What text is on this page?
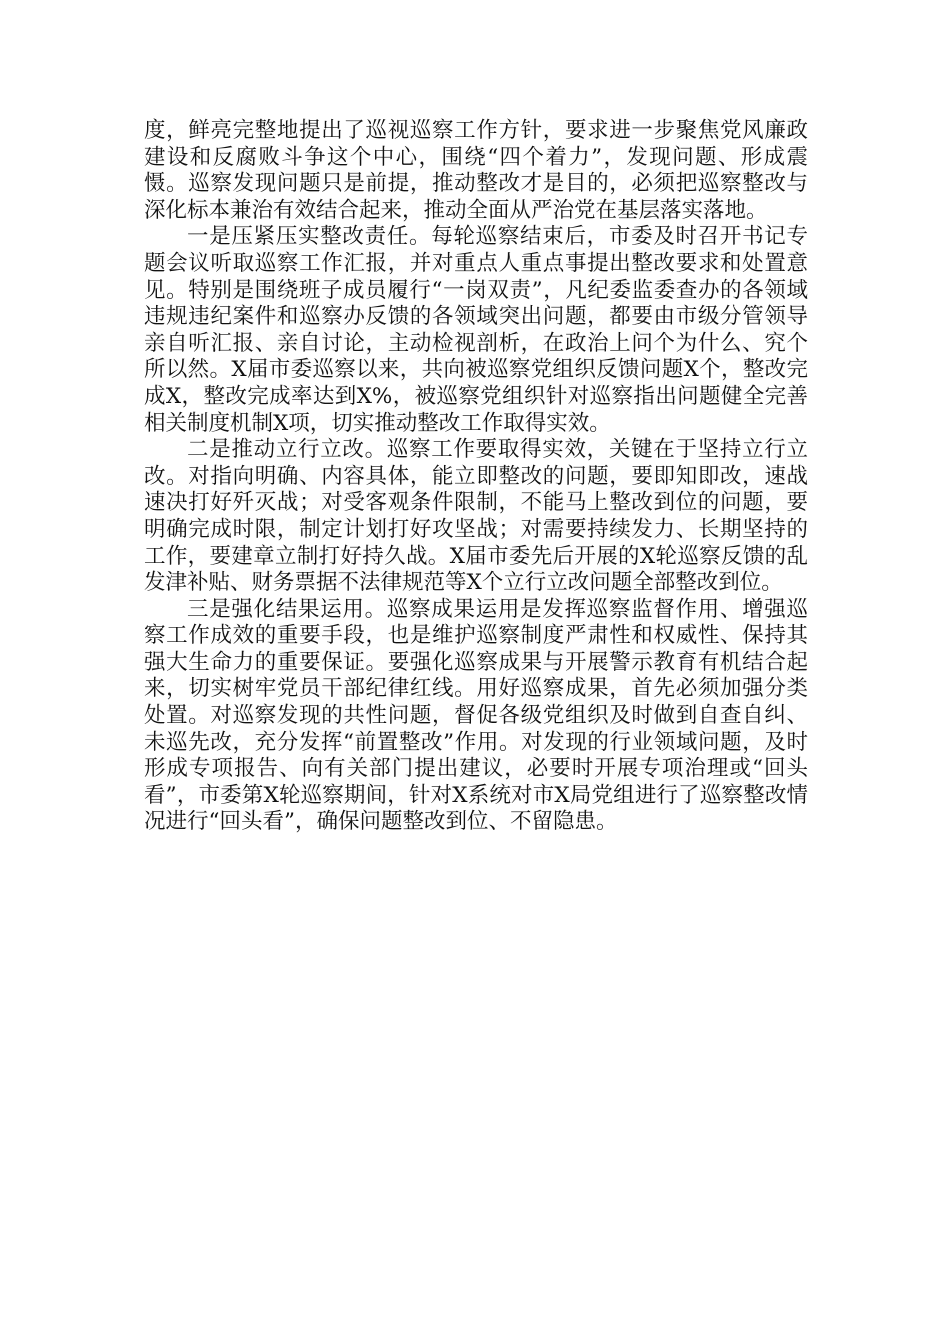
度，鲜亮完整地提出了巡视巡察工作方针，要求进一步聚焦党风廉政建设和反腐败斗争这个中心，围绕“四个着力”，发现问题、形成震慑。巡察发现问题只是前提，推动整改才是目的，必须把巡察整改与深化标本兼治有效结合起来，推动全面从严治党在基层落实落地。

一是压紧压实整改责任。每轮巡察结束后，市委及时召开书记专题会议听取巡察工作汇报，并对重点人重点事提出整改要求和处置意见。特别是围绕班子成员履行“一岗双责”，凡纪委监委查办的各领域违规违纪案件和巡察办反馈的各领域突出问题，都要由市级分管领导亲自听汇报、亲自讨论，主动检视剖析，在政治上问个为什么、究个所以然。X届市委巡察以来，共向被巡察党组织反馈问题X个，整改完成X，整改完成率达到X%，被巡察党组织针对巡察指出问题健全完善相关制度机制X项，切实推动整改工作取得实效。

二是推动立行立改。巡察工作要取得实效，关键在于坚持立行立改。对指向明确、内容具体，能立即整改的问题，要即知即改，速战速决打好歼灭战；对受客观条件限制，不能马上整改到位的问题，要明确完成时限，制定计划打好攻坚战；对需要持续发力、长期坚持的工作，要建章立制打好持久战。X届市委先后开展的X轮巡察反馈的乱发津补贴、财务票据不法律规范等X个立行立改问题全部整改到位。

三是强化结果运用。巡察成果运用是发挥巡察监督作用、增强巡察工作成效的重要手段，也是维护巡察制度严肃性和权威性、保持其强大生命力的重要保证。要强化巡察成果与开展警示教育有机结合起来，切实树牢党员干部纪律红线。用好巡察成果，首先必须加强分类处置。对巡察发现的共性问题，督促各级党组织及时做到自查自纠、未巡先改，充分发挥“前置整改”作用。对发现的行业领域问题，及时形成专项报告、向有关部门提出建议，必要时开展专项治理或“回头看”，市委第X轮巡察期间，针对X系统对市X局党组进行了巡察整改情况进行“回头看”，确保问题整改到位、不留隐患。
